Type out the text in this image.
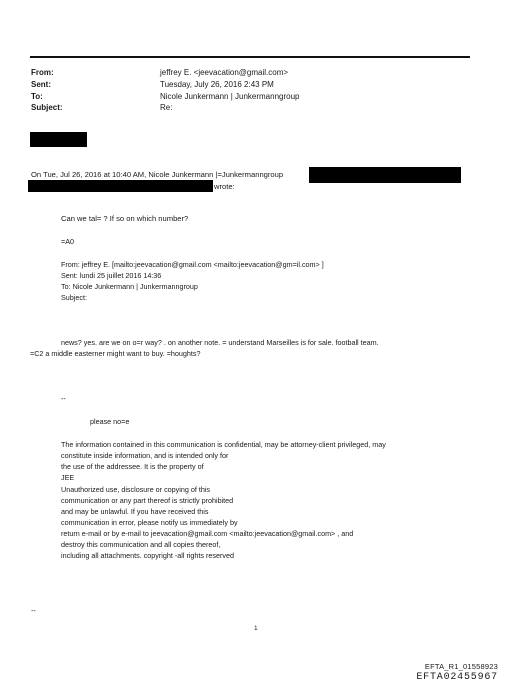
From:	jeffrey E. <jeevacation@gmail.com>
Sent:	Tuesday, July 26, 2016 2:43 PM
To:	Nicole Junkermann | Junkermanngroup
Subject:	Re:
On Tue, Jul 26, 2016 at 10:40 AM, Nicole Junkermann |=Junkermanngroup
wrote:
Can we tal= ? If so on which number?
=A0
From: jeffrey E. [mailto:jeevacation@gmail.com <mailto:jeevacation@gm=il.com> ]
Sent: lundi 25 juillet 2016 14:36
To: Nicole Junkermann | Junkermanngroup
Subject:
news? yes. are we on o=r way? . on another note. = understand Marseilles is for sale. football team.
=C2 a middle easterner might want to buy. =houghts?
--
please no=e
The information contained in this communication is confidential, may be attorney-client privileged, may
constitute inside information, and is intended only for
the use of the addressee. It is the property of
JEE
Unauthorized use, disclosure or copying of this
communication or any part thereof is strictly prohibited
and may be unlawful. If you have received this
communication in error, please notify us immediately by
return e-mail or by e-mail to jeevacation@gmail.com <mailto:jeevacation@gmail.com> , and
destroy this communication and all copies thereof,
including all attachments. copyright -all rights reserved
--
1
EFTA_R1_01558923
EFTA02455967
